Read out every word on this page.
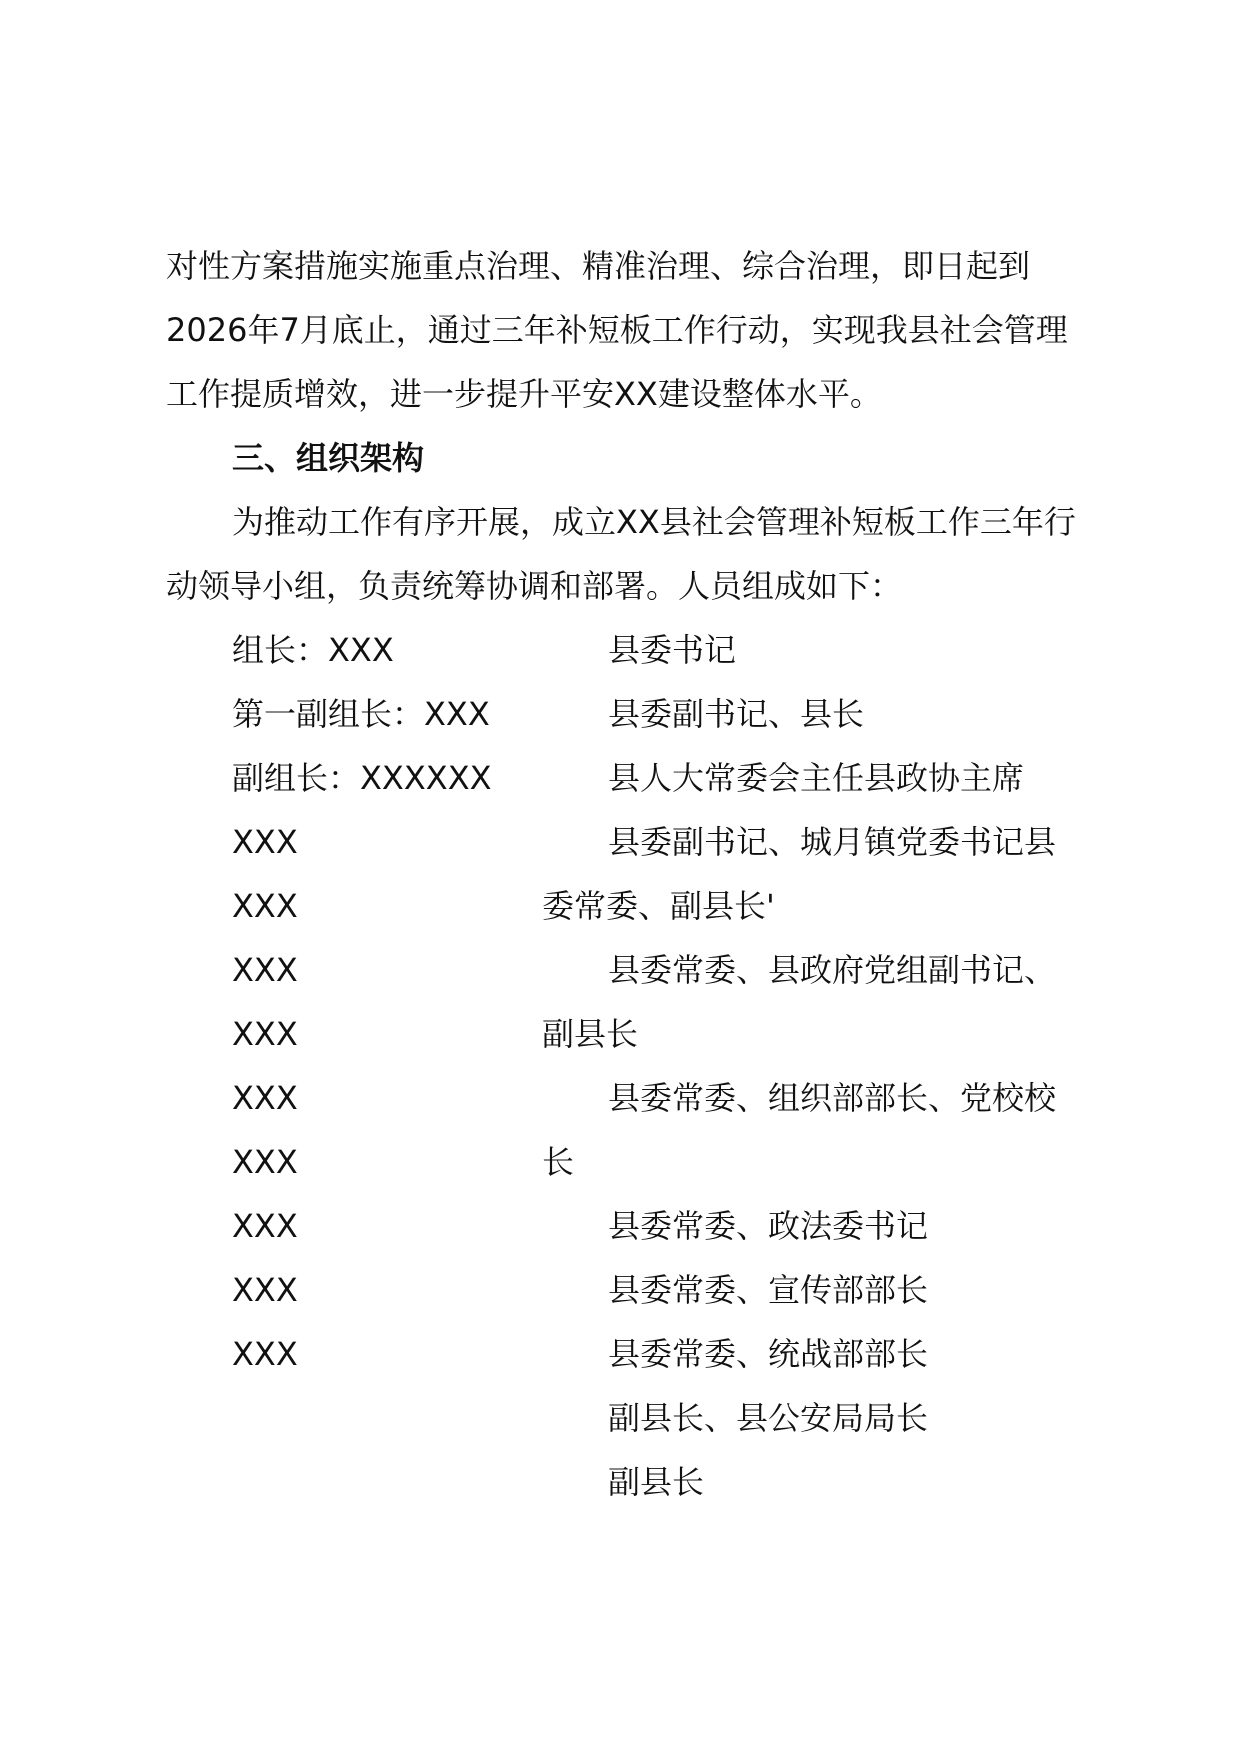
对性方案措施实施重点治理、精准治理、综合治理，即日起到
2026年7月底止，通过三年补短板工作行动，实现我县社会管理
工作提质增效，进一步提升平安XX建设整体水平。
三、组织架构
为推动工作有序开展，成立XX县社会管理补短板工作三年行
动领导小组，负责统筹协调和部署。人员组成如下：
组长：XXX
第一副组长：XXX
副组长：XXXXXX
XXX
XXX
XXX
XXX
XXX
XXX
XXX
XXX
XXX
县委书记
县委副书记、县长
县人大常委会主任县政协主席
县委副书记、城月镇党委书记县
委常委、副县长'
县委常委、县政府党组副书记、
副县长
县委常委、组织部部长、党校校
长
县委常委、政法委书记
县委常委、宣传部部长
县委常委、统战部部长
副县长、县公安局局长
副县长
